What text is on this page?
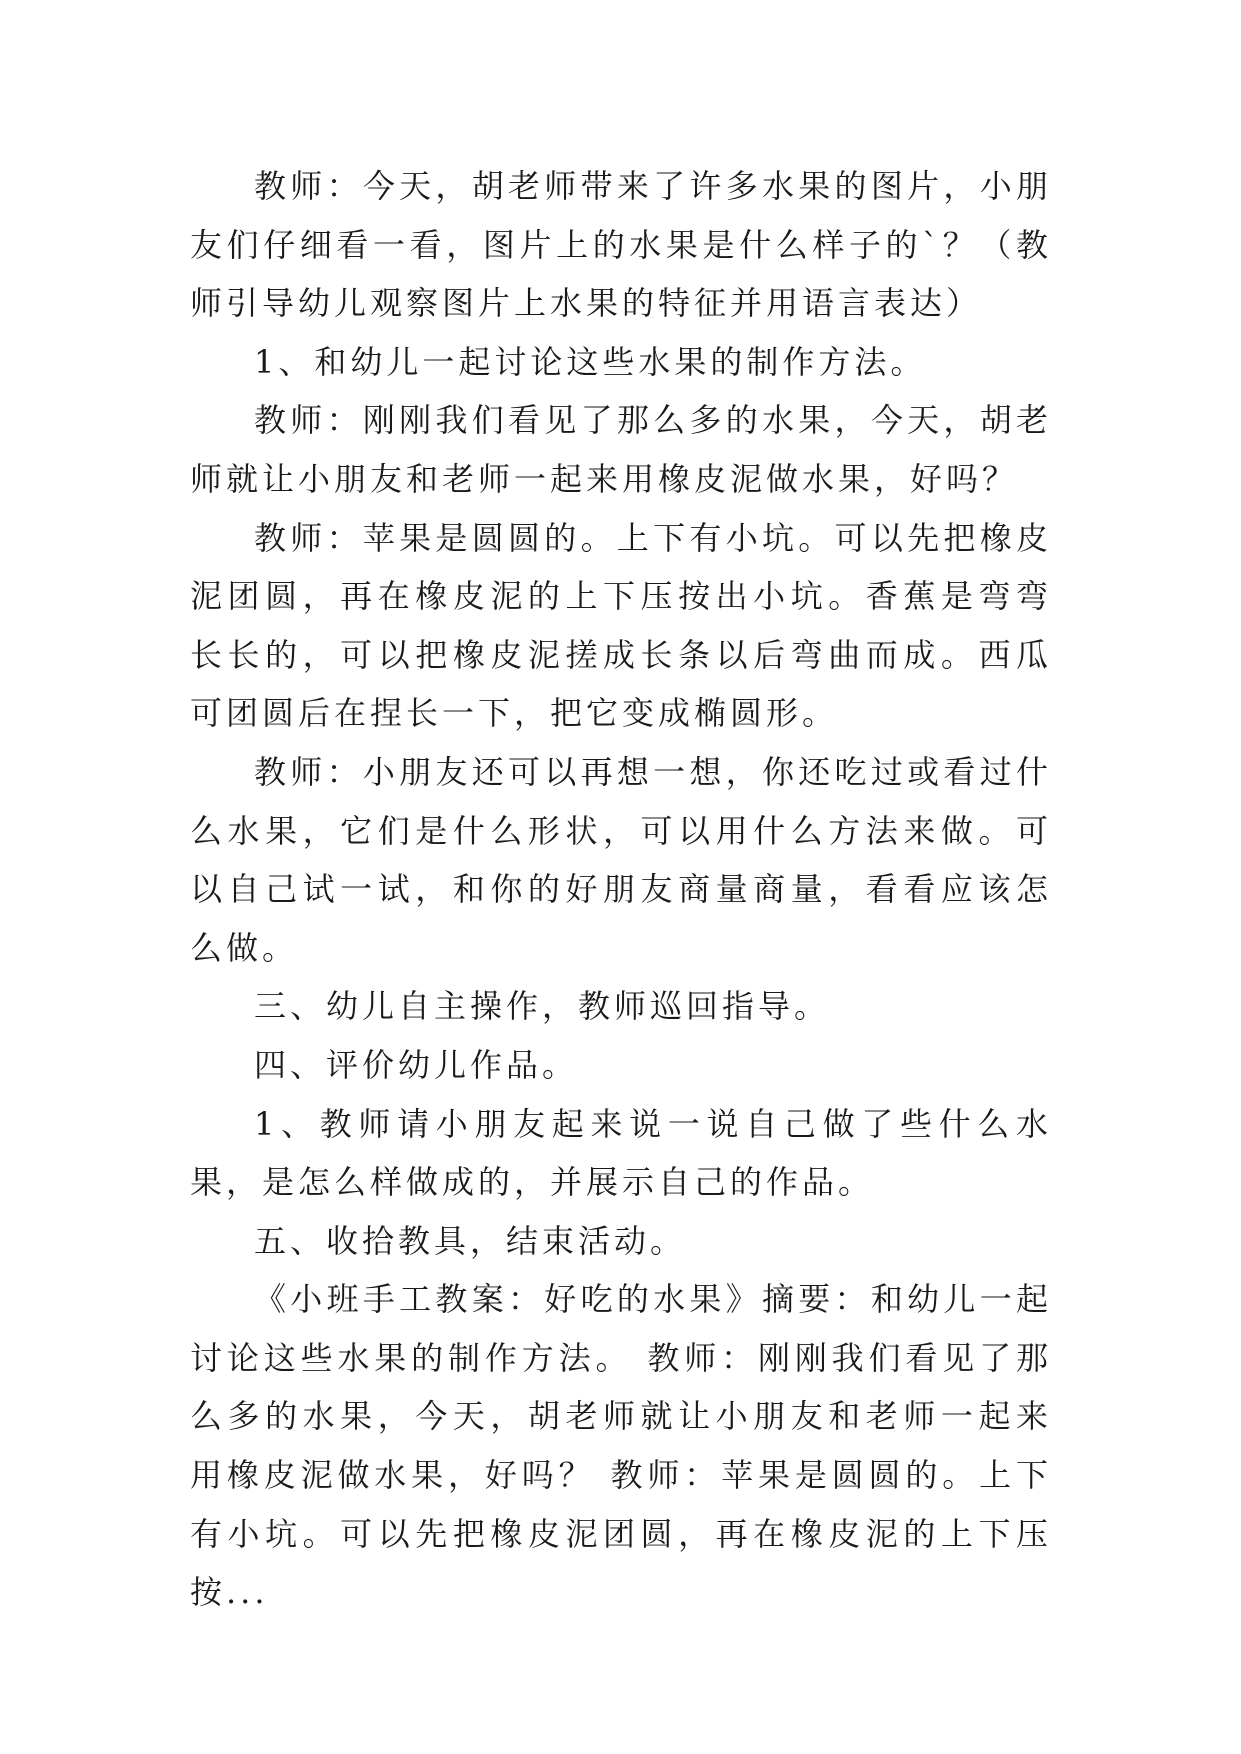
教师：今天，胡老师带来了许多水果的图片，小朋友们仔细看一看，图片上的水果是什么样子的`？（教师引导幼儿观察图片上水果的特征并用语言表达）

1、和幼儿一起讨论这些水果的制作方法。

教师：刚刚我们看见了那么多的水果，今天，胡老师就让小朋友和老师一起来用橡皮泥做水果，好吗？

教师：苹果是圆圆的。上下有小坑。可以先把橡皮泥团圆，再在橡皮泥的上下压按出小坑。香蕉是弯弯长长的，可以把橡皮泥搓成长条以后弯曲而成。西瓜可团圆后在捏长一下，把它变成椭圆形。

教师：小朋友还可以再想一想，你还吃过或看过什么水果，它们是什么形状，可以用什么方法来做。可以自己试一试，和你的好朋友商量商量，看看应该怎么做。

三、幼儿自主操作，教师巡回指导。

四、评价幼儿作品。

1、教师请小朋友起来说一说自己做了些什么水果，是怎么样做成的，并展示自己的作品。

五、收拾教具，结束活动。

《小班手工教案：好吃的水果》摘要：和幼儿一起讨论这些水果的制作方法。 教师：刚刚我们看见了那么多的水果，今天，胡老师就让小朋友和老师一起来用橡皮泥做水果，好吗？ 教师：苹果是圆圆的。上下有小坑。可以先把橡皮泥团圆，再在橡皮泥的上下压按...
